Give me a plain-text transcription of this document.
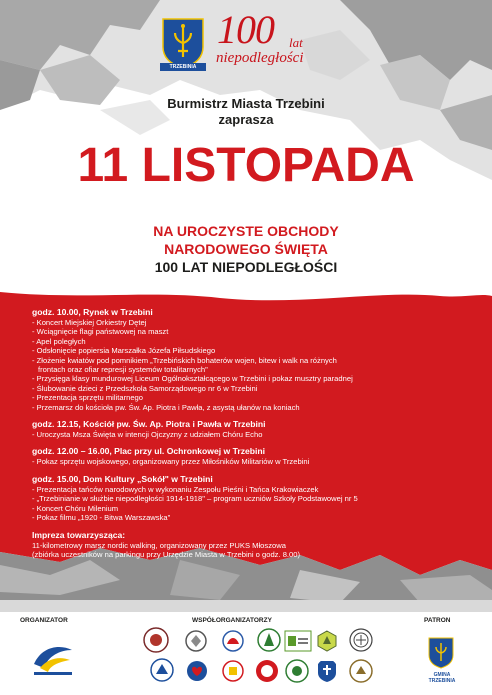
TRZEBINIA
100 lat
niepodległości
Burmistrz Miasta Trzebini
zaprasza
11 LISTOPADA
NA UROCZYSTE OBCHODY
NARODOWEGO ŚWIĘTA
100 LAT NIEPODLEGŁOŚCI
godz. 10.00, Rynek w Trzebini
- Koncert Miejskiej Orkiestry Dętej
- Wciągnięcie flagi państwowej na maszt
- Apel poległych
- Odsłonięcie popiersia Marszałka Józefa Piłsudskiego
- Złożenie kwiatów pod pomnikiem „Trzebińskich bohaterów wojen, bitew i walk na różnych
frontach oraz ofiar represji systemów totalitarnych"
- Przysięga klasy mundurowej Liceum Ogólnokształcącego w Trzebini i pokaz musztry paradnej
- Ślubowanie dzieci z Przedszkola Samorządowego nr 6 w Trzebini
- Prezentacja sprzętu militarnego
- Przemarsz do kościoła pw. Św. Ap. Piotra i Pawła, z asystą ułanów na koniach
godz. 12.15, Kościół pw. Św. Ap. Piotra i Pawła w Trzebini
- Uroczysta Msza Święta w intencji Ojczyzny z udziałem Chóru Echo
godz. 12.00 – 16.00, Plac przy ul. Ochronkowej w Trzebini
- Pokaz sprzętu wojskowego, organizowany przez Miłośników Militariów w Trzebini
godz. 15.00, Dom Kultury „Sokół" w Trzebini
- Prezentacja tańców narodowych w wykonaniu Zespołu Pieśni i Tańca Krakowiaczek
- „Trzebinianie w służbie niepodległości 1914-1918" – program uczniów Szkoły Podstawowej nr 5
- Koncert Chóru Milenium
- Pokaz filmu „1920 - Bitwa Warszawska"
Impreza towarzysząca:
11-kilometrowy marsz nordic walking, organizowany przez PUKS Młoszowa
(zbiórka uczestników na parkingu przy Urzędzie Miasta w Trzebini o godz. 8.00)
ORGANIZATOR	WSPÓŁORGANIZATORZY	PATRON
GMINA TRZEBINIA
